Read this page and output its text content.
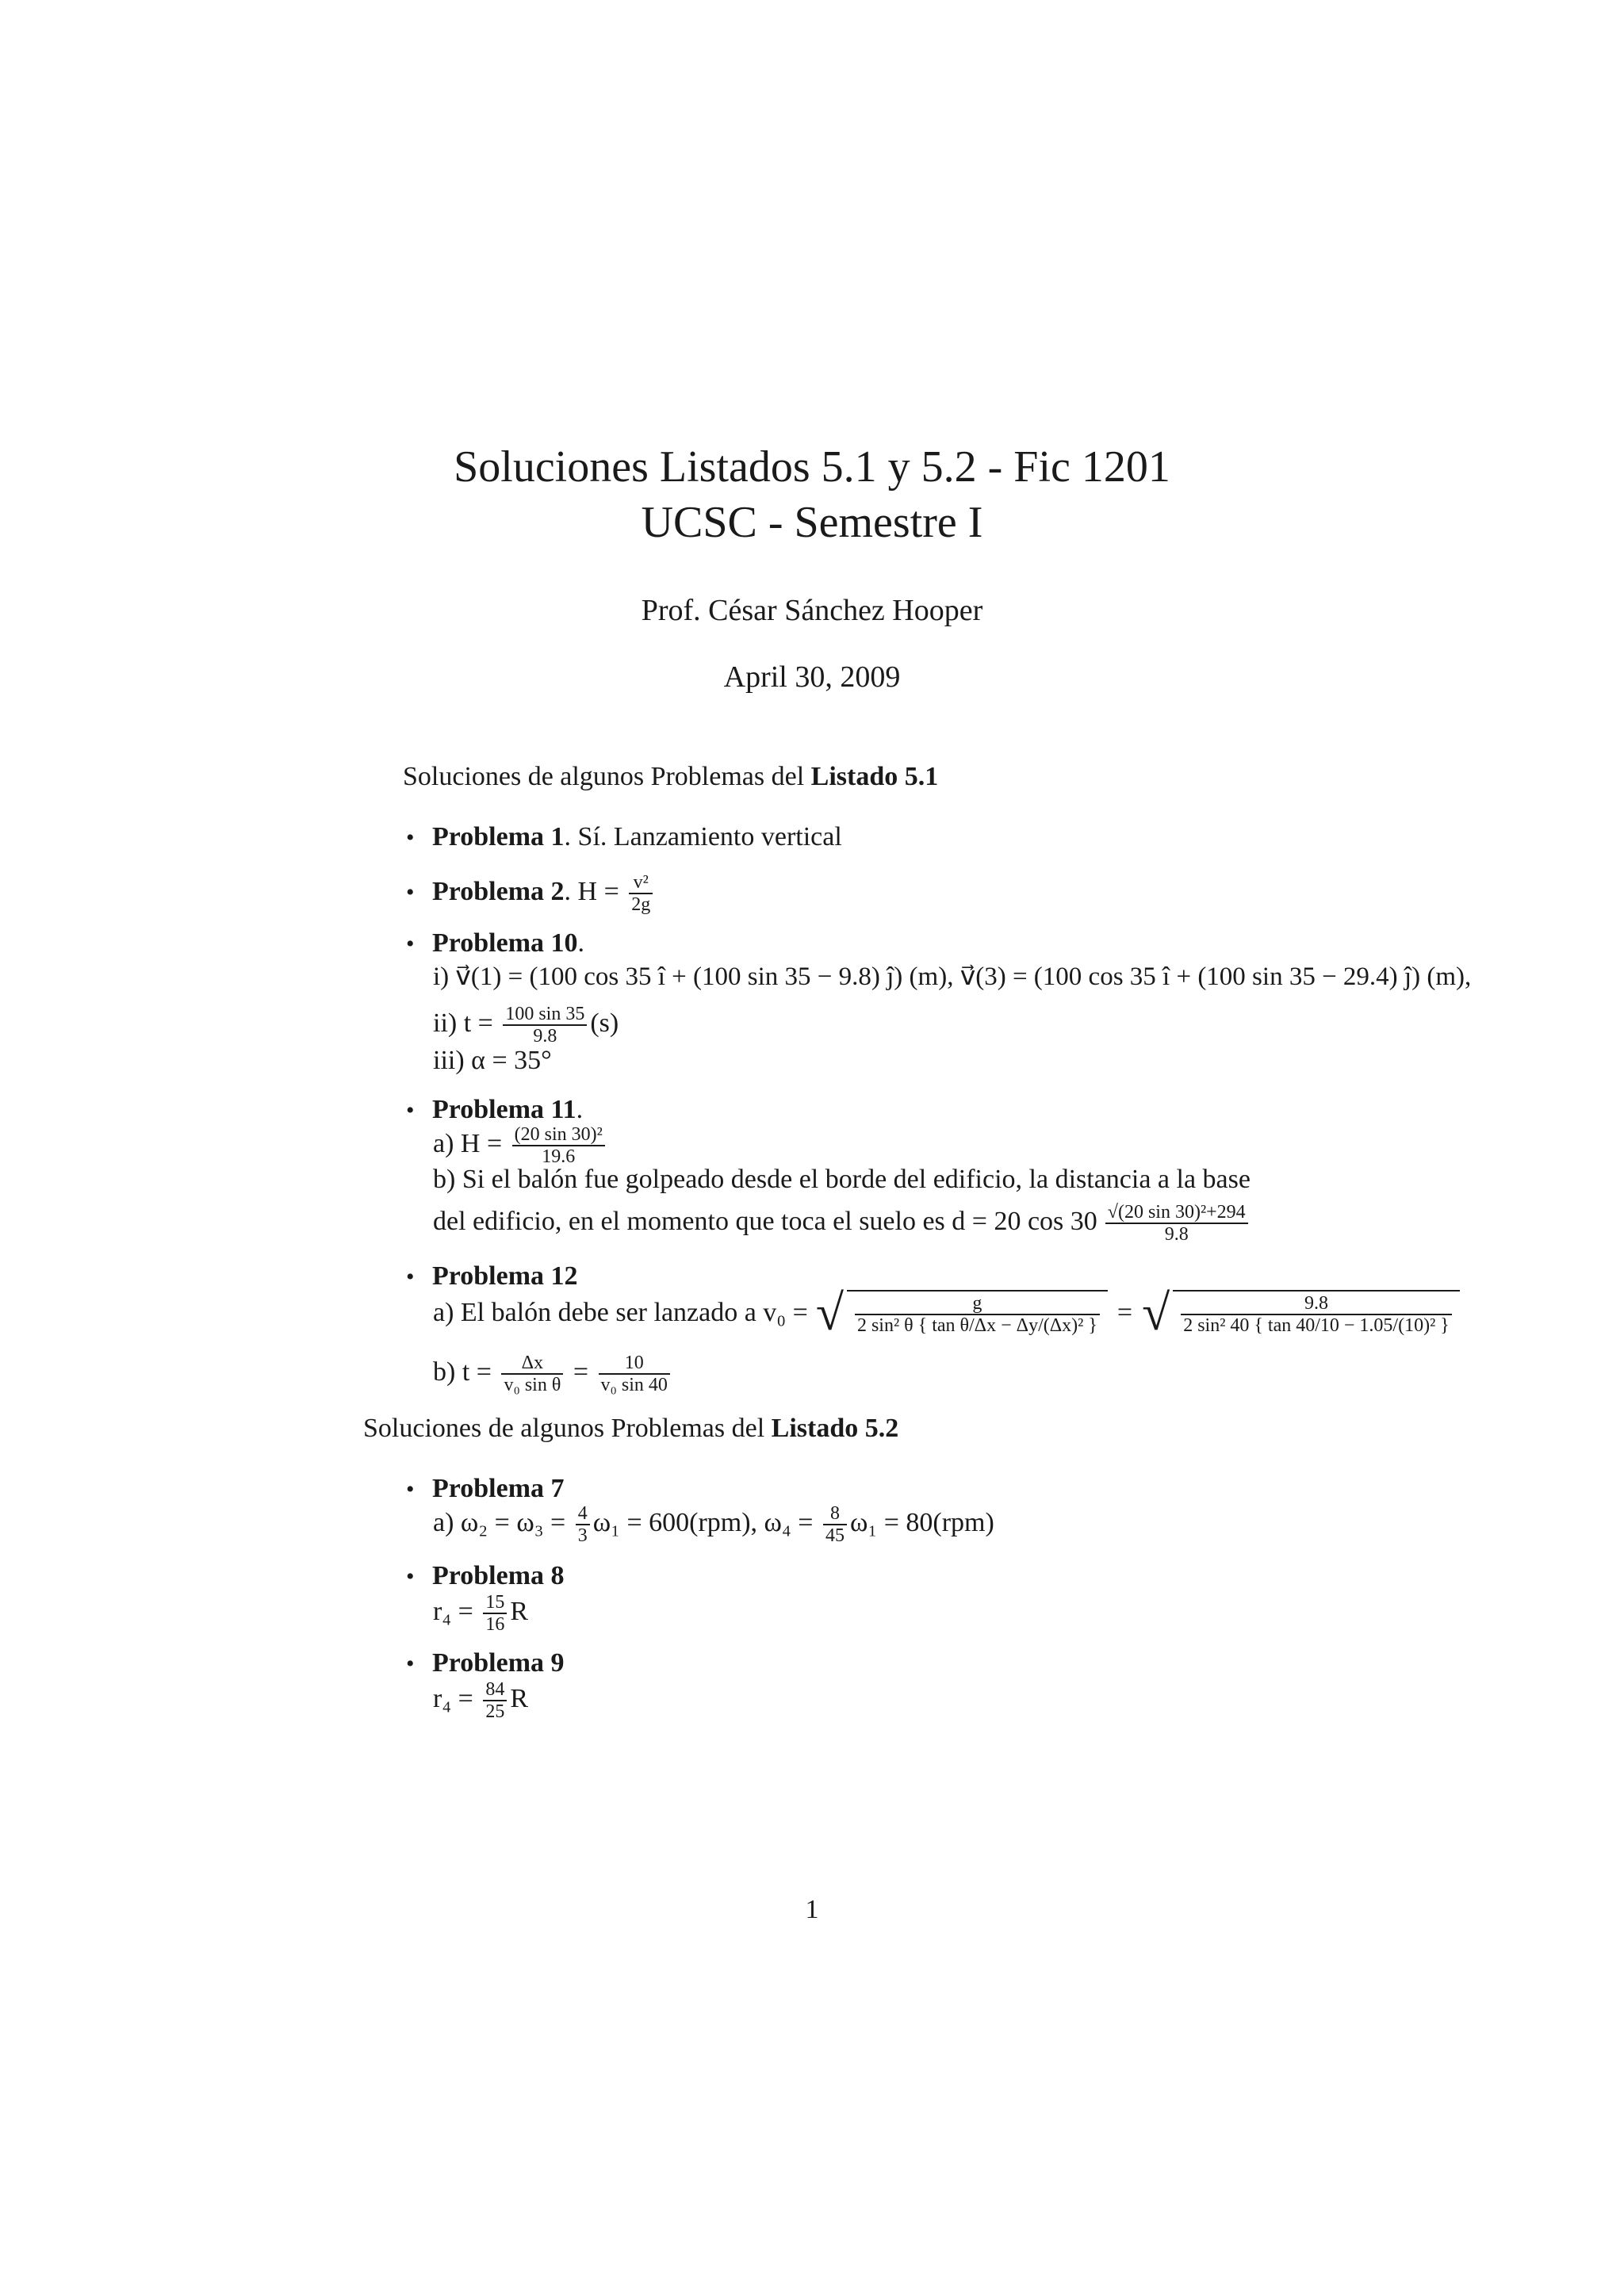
Soluciones Listados 5.1 y 5.2 - Fic 1201
UCSC - Semestre I
Prof. César Sánchez Hooper
April 30, 2009
Soluciones de algunos Problemas del Listado 5.1
• Problema 1. Sí. Lanzamiento vertical
• Problema 2. $H = \frac{\text{v²}}{2g}$
• Problema 10.
i) v⃗(1) = (100 cos 35 î + (100 sin 35 − 9.8) ĵ) (m), v⃗(3) = (100 cos 35 î + (100 sin 35 − 29.4) ĵ) (m),
ii) $t = \frac{100 \sin 35}{9.8} (s)$
iii) α = 35°
• Problema 11.
a) $H = \frac{\text{(20 sin 30)²}}{19.6}$
b) Si el balón fue golpeado desde el borde del edificio, la distancia a la base
del edificio, en el momento que toca el suelo es d = 20 $\cos 30 \frac{\text{√(20 sin 30)²+294}}{9.8}$
• Problema 12
a) El balón debe ser lanzado a v₀ = √ $\frac{g}{\text{2 sin² θ \{ tan θ/Δx − Δy/(Δx)² \}}}$ = √ $\frac{9.8}{\text{2 sin² 40 \{ tan 40/10 − 1.05/(10)² \}}}$
b) $t = \frac{\Delta x}{\text{v₀ sin θ}} = \frac{10}{\text{v₀ sin 40}}$
Soluciones de algunos Problemas del Listado 5.2
• Problema 7
a) $\omega_2 = \omega_3 = \frac{4}{3} \omega_1 = 600(rpm)$, $\omega_4 = \frac{8}{45} \omega_1 = 80(rpm)$
• Problema 8
$r_4 = \frac{15}{16}$ R
• Problema 9
$r_4 = \frac{84}{25}$ R
1
